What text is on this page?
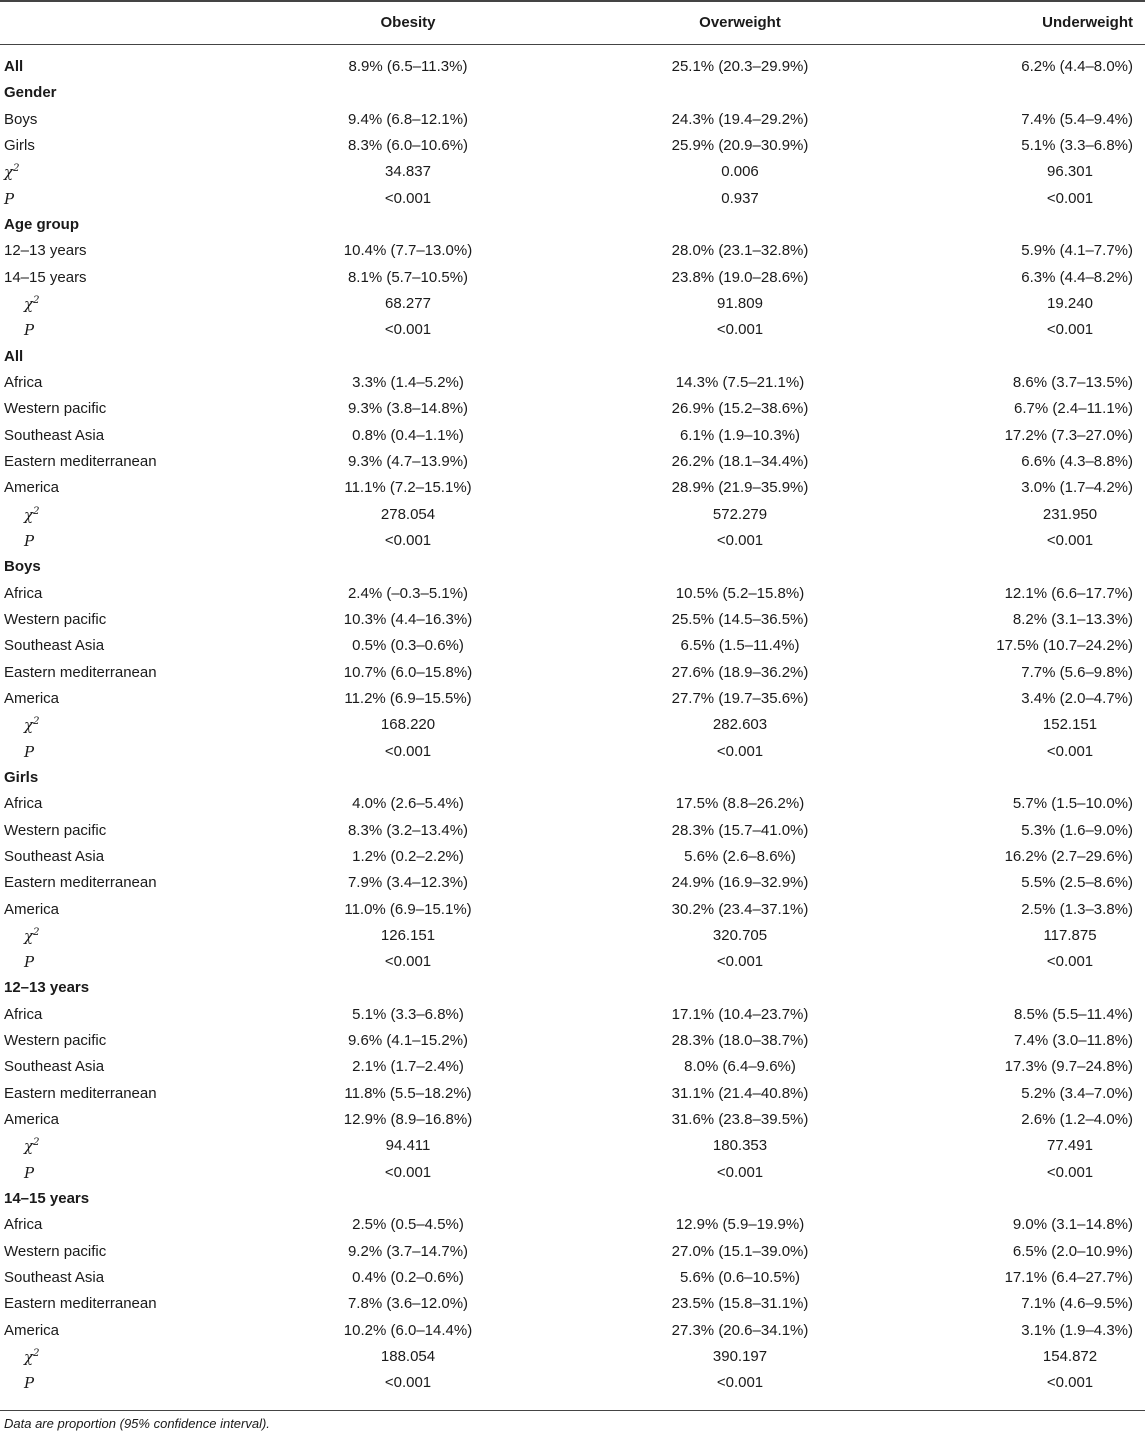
Obesity	Overweight	Underweight
All	8.9% (6.5–11.3%)	25.1% (20.3–29.9%)	6.2% (4.4–8.0%)
Gender
Boys	9.4% (6.8–12.1%)	24.3% (19.4–29.2%)	7.4% (5.4–9.4%)
Girls	8.3% (6.0–10.6%)	25.9% (20.9–30.9%)	5.1% (3.3–6.8%)
$\chi^2$	34.837	0.006	96.301
P	<0.001	0.937	<0.001
Age group
12–13 years	10.4% (7.7–13.0%)	28.0% (23.1–32.8%)	5.9% (4.1–7.7%)
14–15 years	8.1% (5.7–10.5%)	23.8% (19.0–28.6%)	6.3% (4.4–8.2%)
$\chi^2$	68.277	91.809	19.240
P	<0.001	<0.001	<0.001
All
Africa	3.3% (1.4–5.2%)	14.3% (7.5–21.1%)	8.6% (3.7–13.5%)
Western pacific	9.3% (3.8–14.8%)	26.9% (15.2–38.6%)	6.7% (2.4–11.1%)
Southeast Asia	0.8% (0.4–1.1%)	6.1% (1.9–10.3%)	17.2% (7.3–27.0%)
Eastern mediterranean	9.3% (4.7–13.9%)	26.2% (18.1–34.4%)	6.6% (4.3–8.8%)
America	11.1% (7.2–15.1%)	28.9% (21.9–35.9%)	3.0% (1.7–4.2%)
$\chi^2$	278.054	572.279	231.950
P	<0.001	<0.001	<0.001
Boys
Africa	2.4% (–0.3–5.1%)	10.5% (5.2–15.8%)	12.1% (6.6–17.7%)
Western pacific	10.3% (4.4–16.3%)	25.5% (14.5–36.5%)	8.2% (3.1–13.3%)
Southeast Asia	0.5% (0.3–0.6%)	6.5% (1.5–11.4%)	17.5% (10.7–24.2%)
Eastern mediterranean	10.7% (6.0–15.8%)	27.6% (18.9–36.2%)	7.7% (5.6–9.8%)
America	11.2% (6.9–15.5%)	27.7% (19.7–35.6%)	3.4% (2.0–4.7%)
$\chi^2$	168.220	282.603	152.151
P	<0.001	<0.001	<0.001
Girls
Africa	4.0% (2.6–5.4%)	17.5% (8.8–26.2%)	5.7% (1.5–10.0%)
Western pacific	8.3% (3.2–13.4%)	28.3% (15.7–41.0%)	5.3% (1.6–9.0%)
Southeast Asia	1.2% (0.2–2.2%)	5.6% (2.6–8.6%)	16.2% (2.7–29.6%)
Eastern mediterranean	7.9% (3.4–12.3%)	24.9% (16.9–32.9%)	5.5% (2.5–8.6%)
America	11.0% (6.9–15.1%)	30.2% (23.4–37.1%)	2.5% (1.3–3.8%)
$\chi^2$	126.151	320.705	117.875
P	<0.001	<0.001	<0.001
12–13 years
Africa	5.1% (3.3–6.8%)	17.1% (10.4–23.7%)	8.5% (5.5–11.4%)
Western pacific	9.6% (4.1–15.2%)	28.3% (18.0–38.7%)	7.4% (3.0–11.8%)
Southeast Asia	2.1% (1.7–2.4%)	8.0% (6.4–9.6%)	17.3% (9.7–24.8%)
Eastern mediterranean	11.8% (5.5–18.2%)	31.1% (21.4–40.8%)	5.2% (3.4–7.0%)
America	12.9% (8.9–16.8%)	31.6% (23.8–39.5%)	2.6% (1.2–4.0%)
$\chi^2$	94.411	180.353	77.491
P	<0.001	<0.001	<0.001
14–15 years
Africa	2.5% (0.5–4.5%)	12.9% (5.9–19.9%)	9.0% (3.1–14.8%)
Western pacific	9.2% (3.7–14.7%)	27.0% (15.1–39.0%)	6.5% (2.0–10.9%)
Southeast Asia	0.4% (0.2–0.6%)	5.6% (0.6–10.5%)	17.1% (6.4–27.7%)
Eastern mediterranean	7.8% (3.6–12.0%)	23.5% (15.8–31.1%)	7.1% (4.6–9.5%)
America	10.2% (6.0–14.4%)	27.3% (20.6–34.1%)	3.1% (1.9–4.3%)
$\chi^2$	188.054	390.197	154.872
P	<0.001	<0.001	<0.001
Data are proportion (95% confidence interval).
